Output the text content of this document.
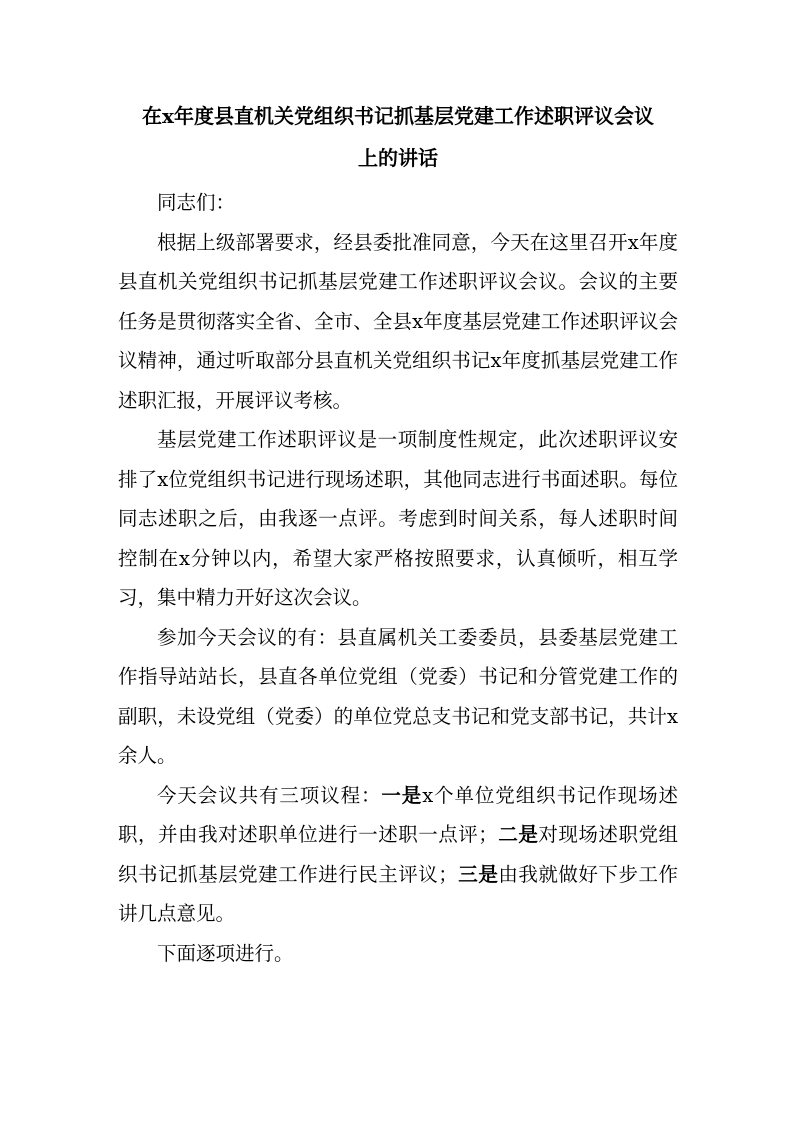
在x年度县直机关党组织书记抓基层党建工作述职评议会议
上的讲话

同志们：

根据上级部署要求，经县委批准同意，今天在这里召开x年度县直机关党组织书记抓基层党建工作述职评议会议。会议的主要任务是贯彻落实全省、全市、全县x年度基层党建工作述职评议会议精神，通过听取部分县直机关党组织书记x年度抓基层党建工作述职汇报，开展评议考核。

基层党建工作述职评议是一项制度性规定，此次述职评议安排了x位党组织书记进行现场述职，其他同志进行书面述职。每位同志述职之后，由我逐一点评。考虑到时间关系，每人述职时间控制在x分钟以内，希望大家严格按照要求，认真倾听，相互学习，集中精力开好这次会议。

参加今天会议的有：县直属机关工委委员，县委基层党建工作指导站站长，县直各单位党组（党委）书记和分管党建工作的副职，未设党组（党委）的单位党总支书记和党支部书记，共计x余人。

今天会议共有三项议程：一是x个单位党组织书记作现场述职，并由我对述职单位进行一述职一点评；二是对现场述职党组织书记抓基层党建工作进行民主评议；三是由我就做好下步工作讲几点意见。

下面逐项进行。
